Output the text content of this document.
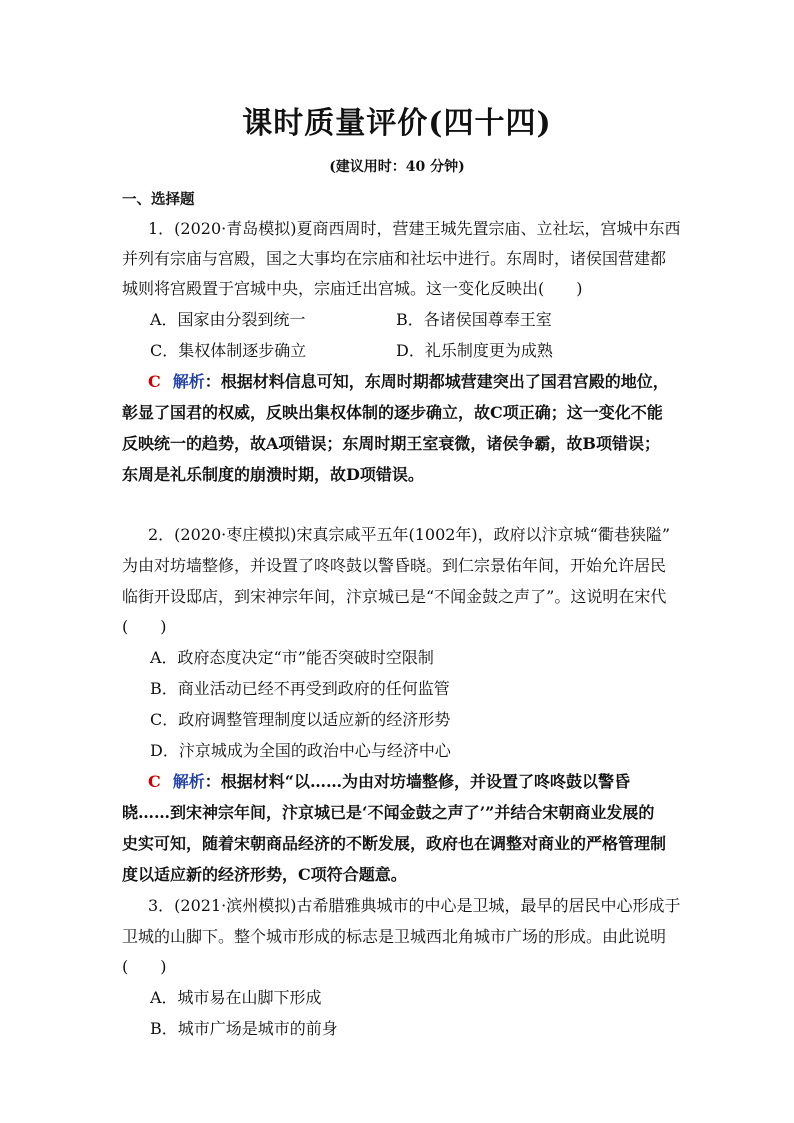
课时质量评价(四十四)
(建议用时：40 分钟)
一、选择题
1．(2020·青岛模拟)夏商西周时，营建王城先置宗庙、立社坛，宫城中东西
并列有宗庙与宫殿，国之大事均在宗庙和社坛中进行。东周时，诸侯国营建都
城则将宫殿置于宫城中央，宗庙迁出宫城。这一变化反映出(　　)
A．国家由分裂到统一	B．各诸侯国尊奉王室
C．集权体制逐步确立	D．礼乐制度更为成熟
C 解析：根据材料信息可知，东周时期都城营建突出了国君宫殿的地位，
彰显了国君的权威，反映出集权体制的逐步确立，故C项正确；这一变化不能
反映统一的趋势，故A项错误；东周时期王室衰微，诸侯争霸，故B项错误；
东周是礼乐制度的崩溃时期，故D项错误。
2．(2020·枣庄模拟)宋真宗咸平五年(1002年)，政府以汴京城“衢巷狭隘”
为由对坊墙整修，并设置了咚咚鼓以警昏晓。到仁宗景佑年间，开始允许居民
临街开设邸店，到宋神宗年间，汴京城已是“不闻金鼓之声了”。这说明在宋代
(　　)
A．政府态度决定“市”能否突破时空限制
B．商业活动已经不再受到政府的任何监管
C．政府调整管理制度以适应新的经济形势
D．汴京城成为全国的政治中心与经济中心
C 解析：根据材料“以……为由对坊墙整修，并设置了咚咚鼓以警昏
晓……到宋神宗年间，汴京城已是‘不闻金鼓之声了’”并结合宋朝商业发展的
史实可知，随着宋朝商品经济的不断发展，政府也在调整对商业的严格管理制
度以适应新的经济形势，C项符合题意。
3．(2021·滨州模拟)古希腊雅典城市的中心是卫城，最早的居民中心形成于
卫城的山脚下。整个城市形成的标志是卫城西北角城市广场的形成。由此说明
(　　)
A．城市易在山脚下形成
B．城市广场是城市的前身
